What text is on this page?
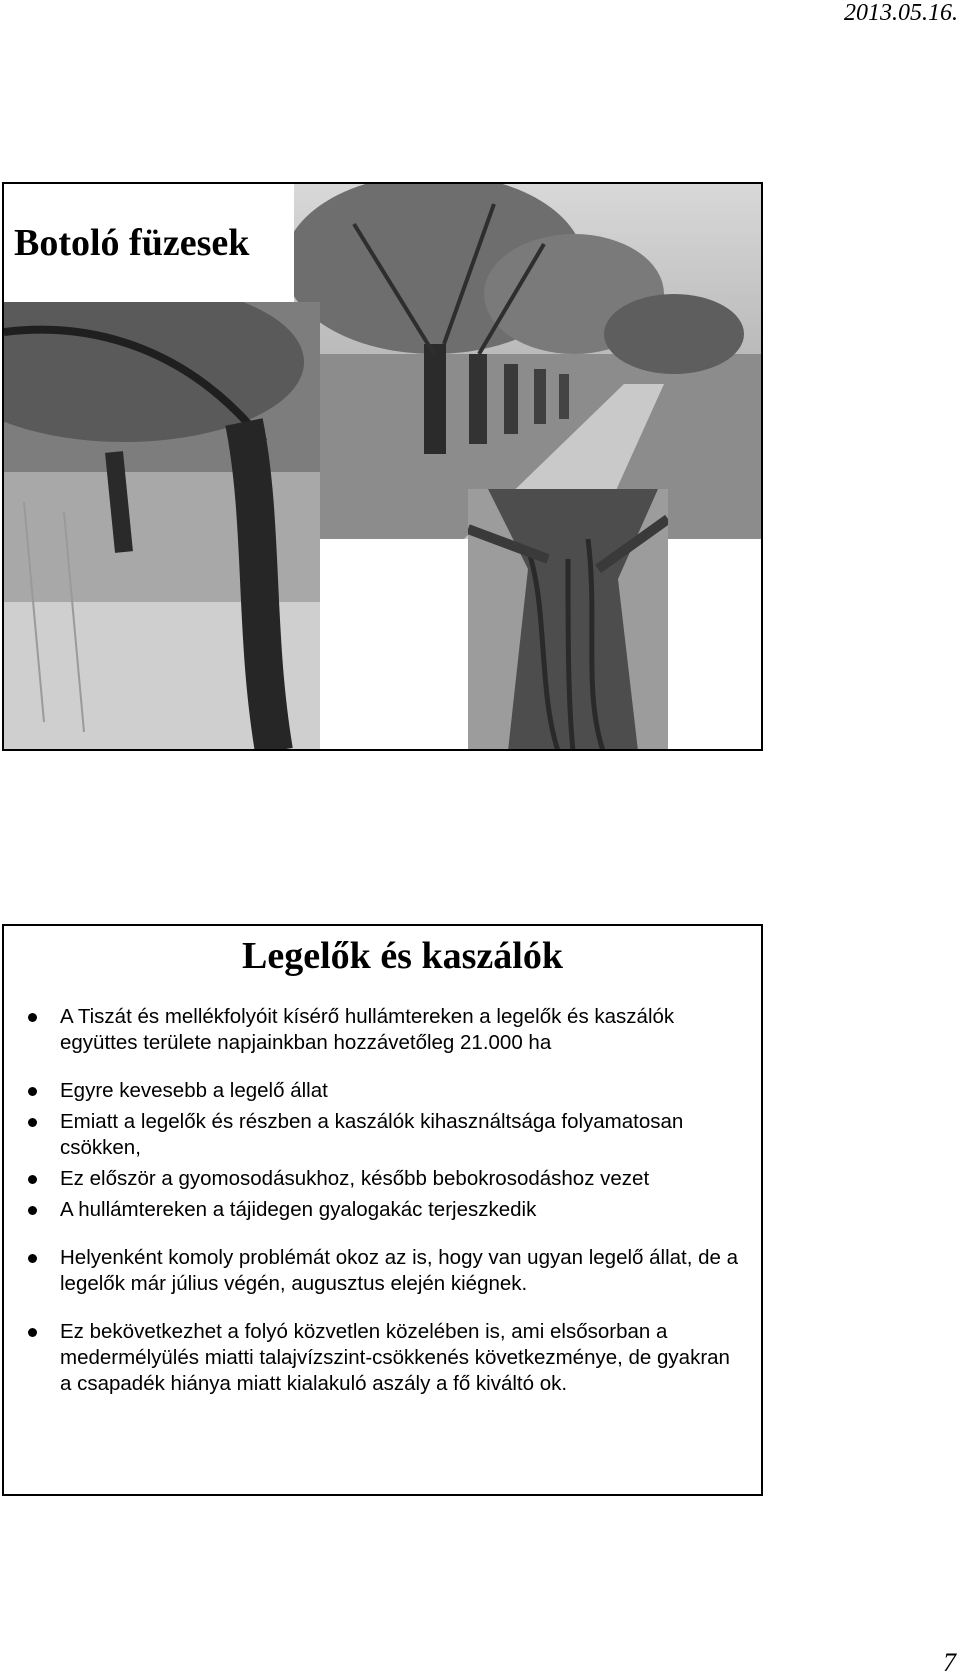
2013.05.16.
Botoló füzesek
Legelők és kaszálók
A Tiszát és mellékfolyóit kísérő hullámtereken a legelők és kaszálók együttes területe napjainkban hozzávetőleg 21.000 ha
Egyre kevesebb a legelő állat
Emiatt a legelők és részben a kaszálók kihasználtsága folyamatosan csökken,
Ez először a gyomosodásukhoz, később bebokrosodáshoz vezet
A hullámtereken a tájidegen gyalogakác terjeszkedik
Helyenként komoly problémát okoz az is, hogy van ugyan legelő állat, de a legelők már július végén, augusztus elején kiégnek.
Ez bekövetkezhet a folyó közvetlen közelében is, ami elsősorban a medermélyülés miatti talajvízszint-csökkenés következménye, de gyakran a csapadék hiánya miatt kialakuló aszály a fő kiváltó ok.
7
